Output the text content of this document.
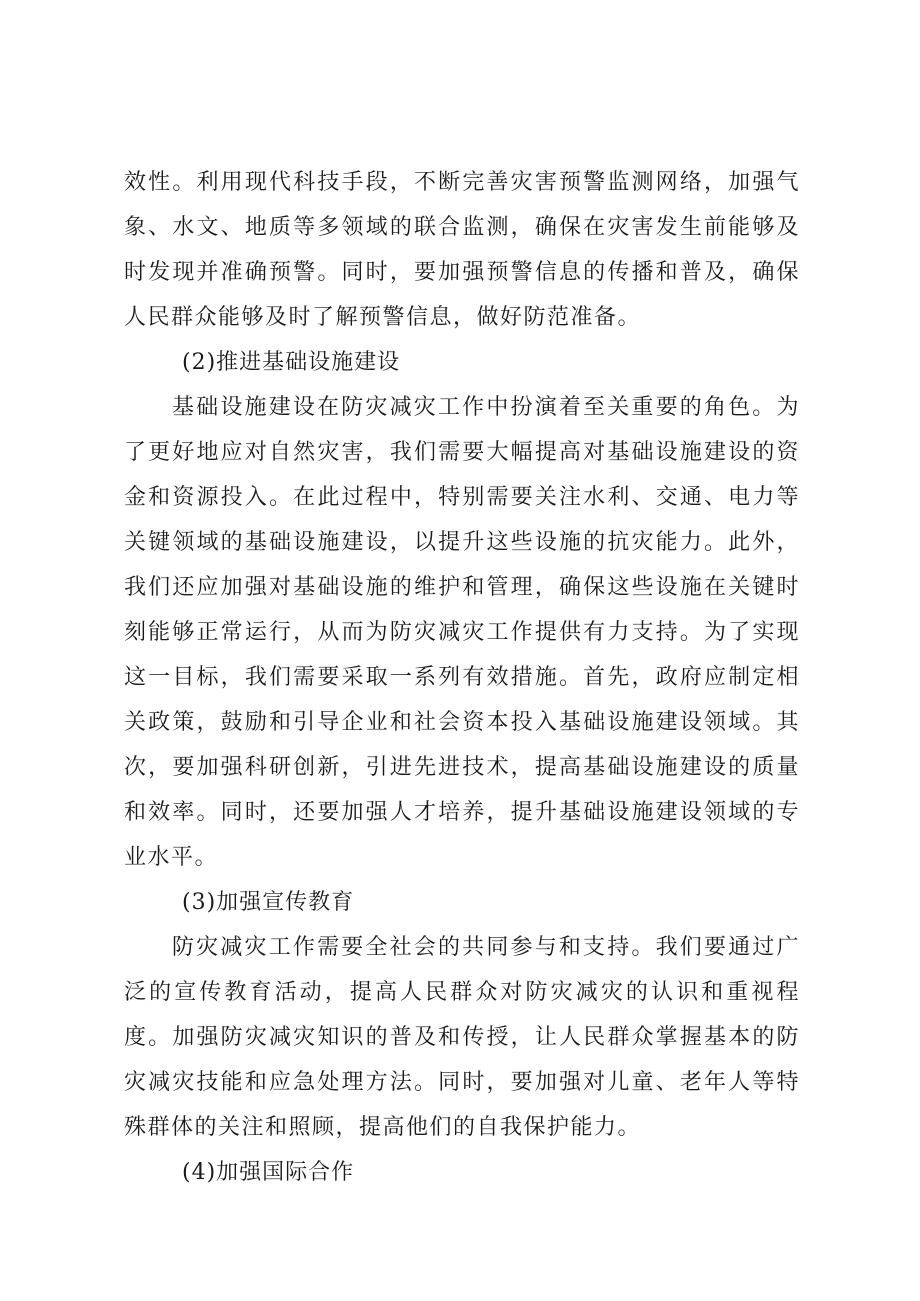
效性。利用现代科技手段，不断完善灾害预警监测网络，加强气象、水文、地质等多领域的联合监测，确保在灾害发生前能够及时发现并准确预警。同时，要加强预警信息的传播和普及，确保人民群众能够及时了解预警信息，做好防范准备。

(2)推进基础设施建设

基础设施建设在防灾减灾工作中扮演着至关重要的角色。为了更好地应对自然灾害，我们需要大幅提高对基础设施建设的资金和资源投入。在此过程中，特别需要关注水利、交通、电力等关键领域的基础设施建设，以提升这些设施的抗灾能力。此外，我们还应加强对基础设施的维护和管理，确保这些设施在关键时刻能够正常运行，从而为防灾减灾工作提供有力支持。为了实现这一目标，我们需要采取一系列有效措施。首先，政府应制定相关政策，鼓励和引导企业和社会资本投入基础设施建设领域。其次，要加强科研创新，引进先进技术，提高基础设施建设的质量和效率。同时，还要加强人才培养，提升基础设施建设领域的专业水平。

(3)加强宣传教育

防灾减灾工作需要全社会的共同参与和支持。我们要通过广泛的宣传教育活动，提高人民群众对防灾减灾的认识和重视程度。加强防灾减灾知识的普及和传授，让人民群众掌握基本的防灾减灾技能和应急处理方法。同时，要加强对儿童、老年人等特殊群体的关注和照顾，提高他们的自我保护能力。

(4)加强国际合作
